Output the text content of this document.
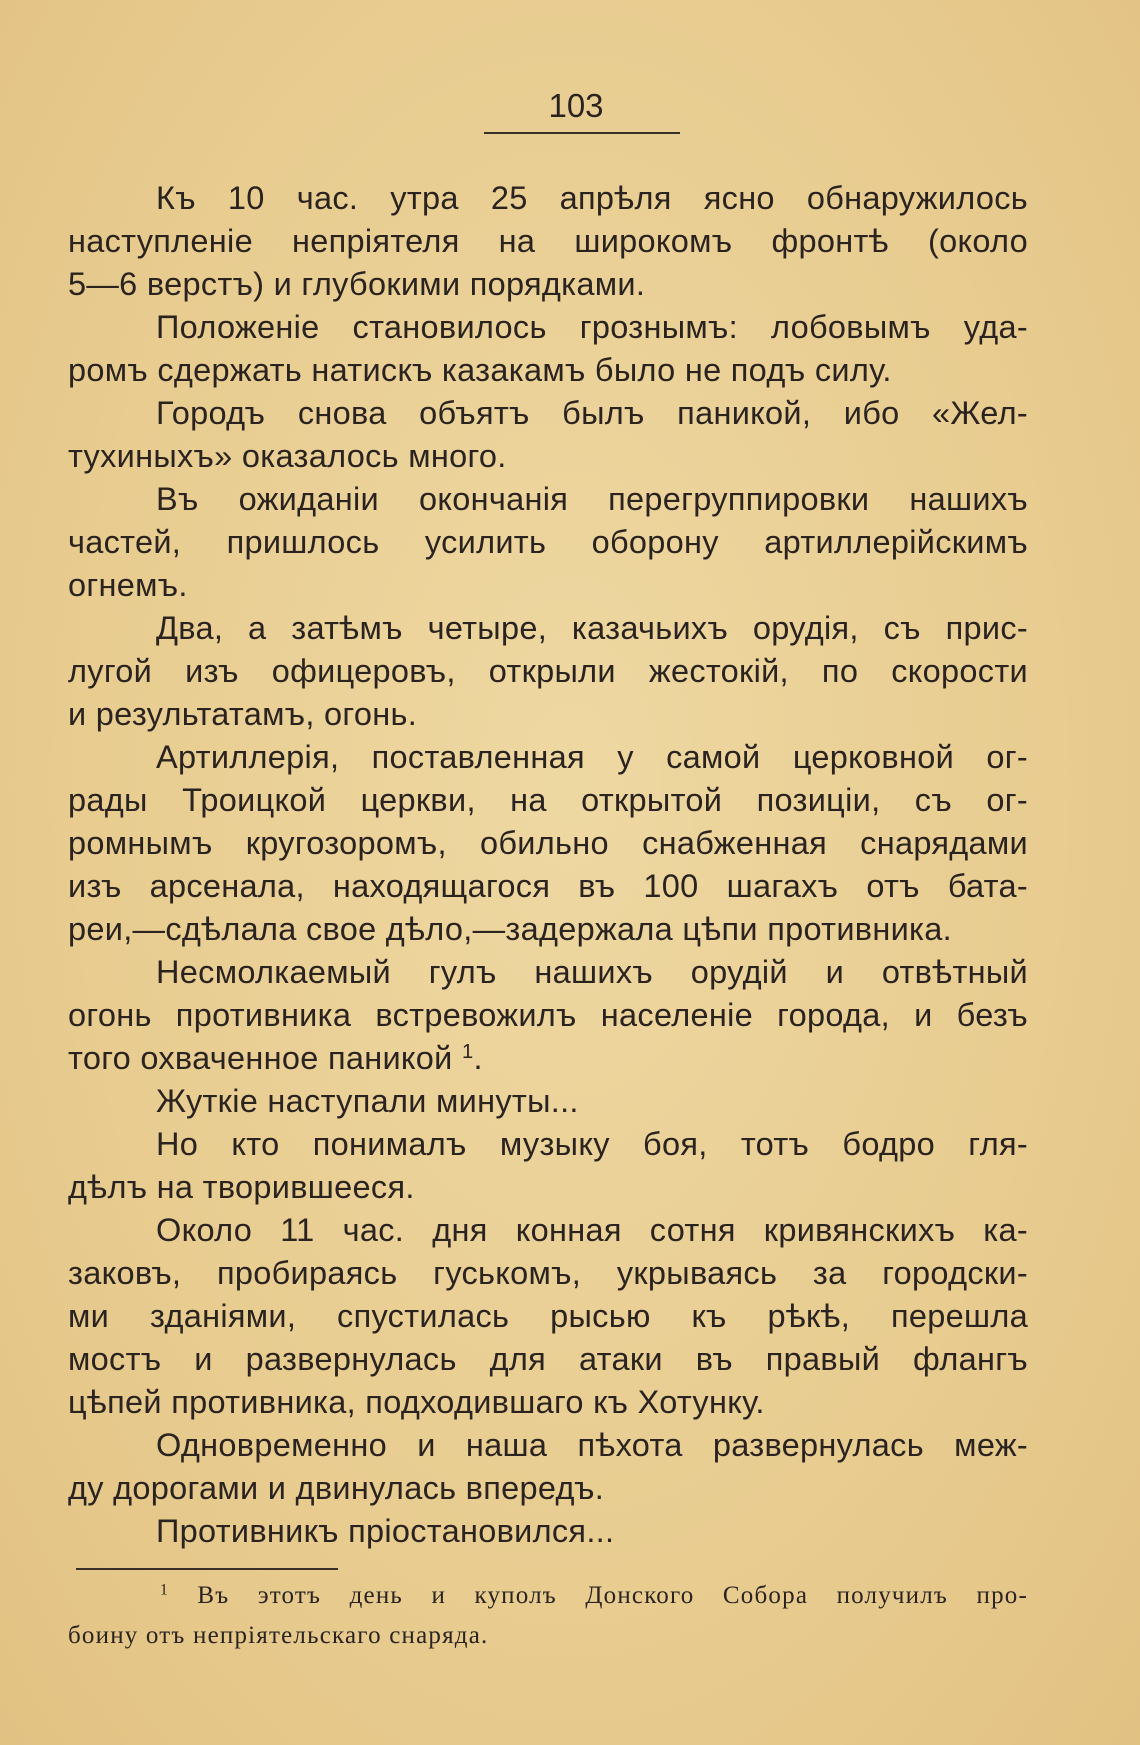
103
Къ 10 час. утра 25 апрѣля ясно обнаружилось
наступленіе непріятеля на широкомъ фронтѣ (около
5—6 верстъ) и глубокими порядками.
Положеніе становилось грознымъ: лобовымъ уда-
ромъ сдержать натискъ казакамъ было не подъ силу.
Городъ снова объятъ былъ паникой, ибо «Жел-
тухиныхъ» оказалось много.
Въ ожиданіи окончанія перегруппировки нашихъ
частей, пришлось усилить оборону артиллерійскимъ
огнемъ.
Два, а затѣмъ четыре, казачьихъ орудія, съ прис-
лугой изъ офицеровъ, открыли жестокій, по скорости
и результатамъ, огонь.
Артиллерія, поставленная у самой церковной ог-
рады Троицкой церкви, на открытой позиціи, съ ог-
ромнымъ кругозоромъ, обильно снабженная снарядами
изъ арсенала, находящагося въ 100 шагахъ отъ бата-
реи,—сдѣлала свое дѣло,—задержала цѣпи противника.
Несмолкаемый гулъ нашихъ орудій и отвѣтный
огонь противника встревожилъ населеніе города, и безъ
того охваченное паникой $^1$.
Жуткіе наступали минуты...
Но кто понималъ музыку боя, тотъ бодро гля-
дѣлъ на творившееся.
Около 11 час. дня конная сотня кривянскихъ ка-
заковъ, пробираясь гуськомъ, укрываясь за городски-
ми зданіями, спустилась рысью къ рѣкѣ, перешла
мостъ и развернулась для атаки въ правый флангъ
цѣпей противника, подходившаго къ Хотунку.
Одновременно и наша пѣхота развернулась меж-
ду дорогами и двинулась впередъ.
Противникъ пріостановился...
$^1$ Въ этотъ день и куполъ Донского Собора получилъ про-
боину отъ непріятельскаго снаряда.
